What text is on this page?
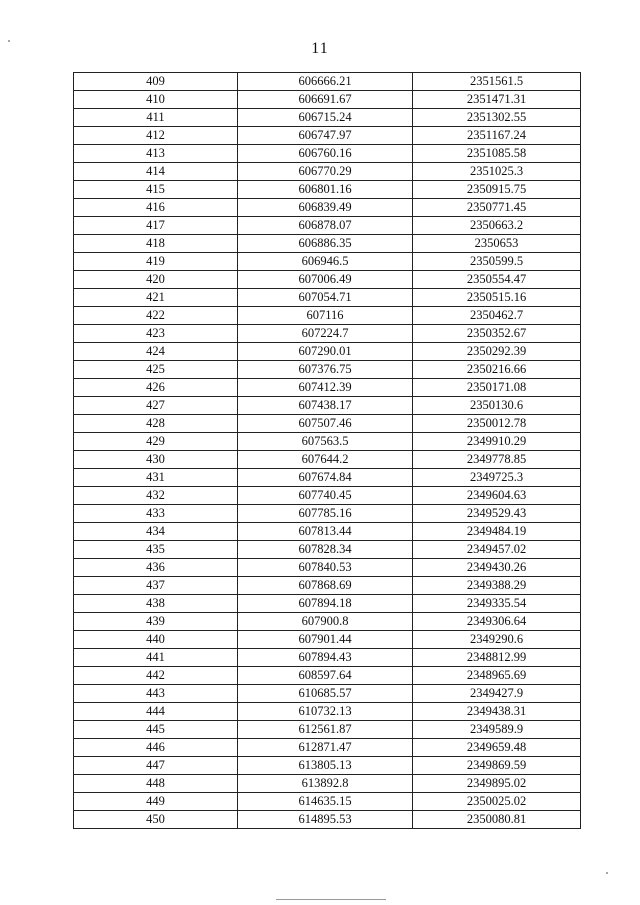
11
409	606666.21	2351561.5
410	606691.67	2351471.31
411	606715.24	2351302.55
412	606747.97	2351167.24
413	606760.16	2351085.58
414	606770.29	2351025.3
415	606801.16	2350915.75
416	606839.49	2350771.45
417	606878.07	2350663.2
418	606886.35	2350653
419	606946.5	2350599.5
420	607006.49	2350554.47
421	607054.71	2350515.16
422	607116	2350462.7
423	607224.7	2350352.67
424	607290.01	2350292.39
425	607376.75	2350216.66
426	607412.39	2350171.08
427	607438.17	2350130.6
428	607507.46	2350012.78
429	607563.5	2349910.29
430	607644.2	2349778.85
431	607674.84	2349725.3
432	607740.45	2349604.63
433	607785.16	2349529.43
434	607813.44	2349484.19
435	607828.34	2349457.02
436	607840.53	2349430.26
437	607868.69	2349388.29
438	607894.18	2349335.54
439	607900.8	2349306.64
440	607901.44	2349290.6
441	607894.43	2348812.99
442	608597.64	2348965.69
443	610685.57	2349427.9
444	610732.13	2349438.31
445	612561.87	2349589.9
446	612871.47	2349659.48
447	613805.13	2349869.59
448	613892.8	2349895.02
449	614635.15	2350025.02
450	614895.53	2350080.81
